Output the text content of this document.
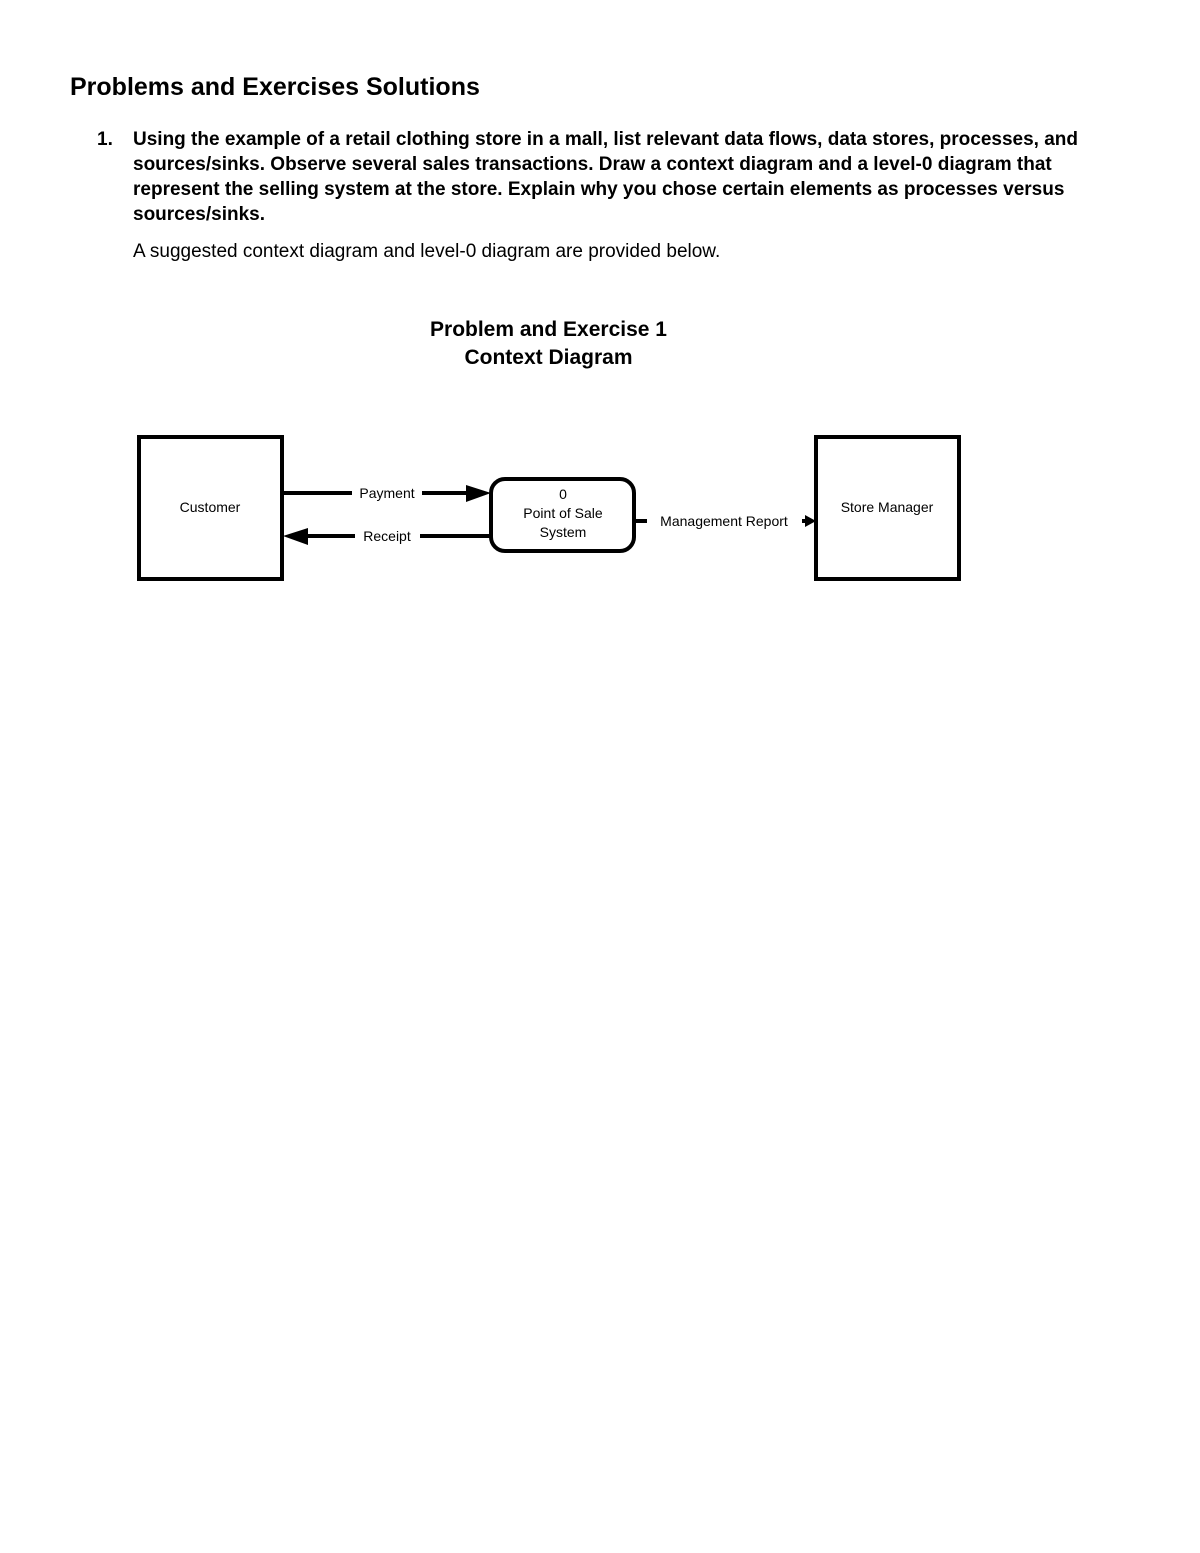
Problems and Exercises Solutions
1. Using the example of a retail clothing store in a mall, list relevant data flows, data stores, processes, and sources/sinks. Observe several sales transactions. Draw a context diagram and a level-0 diagram that represent the selling system at the store. Explain why you chose certain elements as processes versus sources/sinks.
A suggested context diagram and level-0 diagram are provided below.
Problem and Exercise 1
Context Diagram
Customer	Store Manager
0
Point of Sale
System
Payment
Receipt
Management Report
